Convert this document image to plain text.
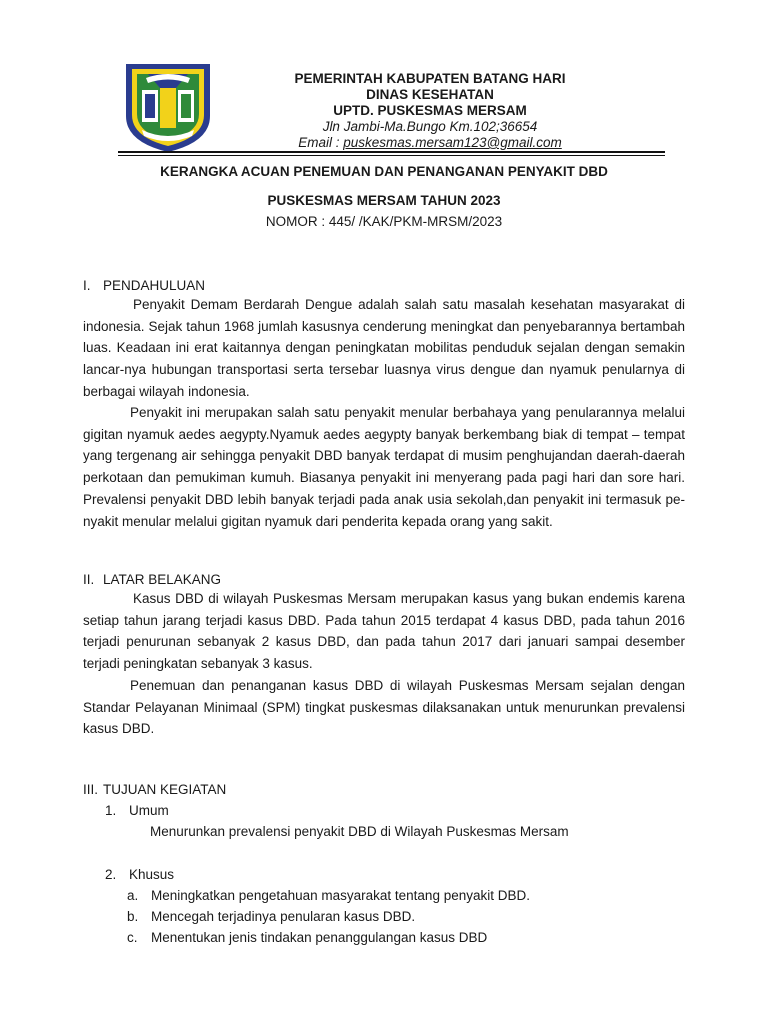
PEMERINTAH KABUPATEN BATANG HARI
DINAS KESEHATAN
UPTD. PUSKESMAS MERSAM
Jln Jambi-Ma.Bungo Km.102;36654
Email : puskesmas.mersam123@gmail.com
KERANGKA ACUAN PENEMUAN DAN PENANGANAN PENYAKIT DBD
PUSKESMAS MERSAM TAHUN 2023
NOMOR : 445/ /KAK/PKM-MRSM/2023
I. PENDAHULUAN

Penyakit Demam Berdarah Dengue adalah salah satu masalah kesehatan masyarakat di indonesia. Sejak tahun 1968 jumlah kasusnya cenderung meningkat dan penyebarannya bertambah luas. Keadaan ini erat kaitannya dengan peningkatan mobilitas penduduk sejalan dengan semakin lancar-nya hubungan transportasi serta tersebar luasnya virus dengue dan nyamuk penularnya di berbagai wilayah indonesia.

Penyakit ini merupakan salah satu penyakit menular berbahaya yang penularannya melalui gigitan nyamuk aedes aegypty.Nyamuk aedes aegypty banyak berkembang biak di tempat – tempat yang tergenang air sehingga penyakit DBD banyak terdapat di musim penghujandan daerah-daerah perkotaan dan pemukiman kumuh. Biasanya penyakit ini menyerang pada pagi hari dan sore hari. Prevalensi penyakit DBD lebih banyak terjadi pada anak usia sekolah,dan penyakit ini termasuk pe-nyakit menular melalui gigitan nyamuk dari penderita kepada orang yang sakit.

II. LATAR BELAKANG

Kasus DBD di wilayah Puskesmas Mersam merupakan kasus yang bukan endemis karena setiap tahun jarang terjadi kasus DBD. Pada tahun 2015 terdapat 4 kasus DBD, pada tahun 2016 terjadi penurunan sebanyak 2 kasus DBD, dan pada tahun 2017 dari januari sampai desember terjadi peningkatan sebanyak 3 kasus.

Penemuan dan penanganan kasus DBD di wilayah Puskesmas Mersam sejalan dengan Standar Pelayanan Minimaal (SPM) tingkat puskesmas dilaksanakan untuk menurunkan prevalensi kasus DBD.

III. TUJUAN KEGIATAN
1. Umum
Menurunkan prevalensi penyakit DBD di Wilayah Puskesmas Mersam
2. Khusus
a. Meningkatkan pengetahuan masyarakat tentang penyakit DBD.
b. Mencegah terjadinya penularan kasus DBD.
c. Menentukan jenis tindakan penanggulangan kasus DBD
